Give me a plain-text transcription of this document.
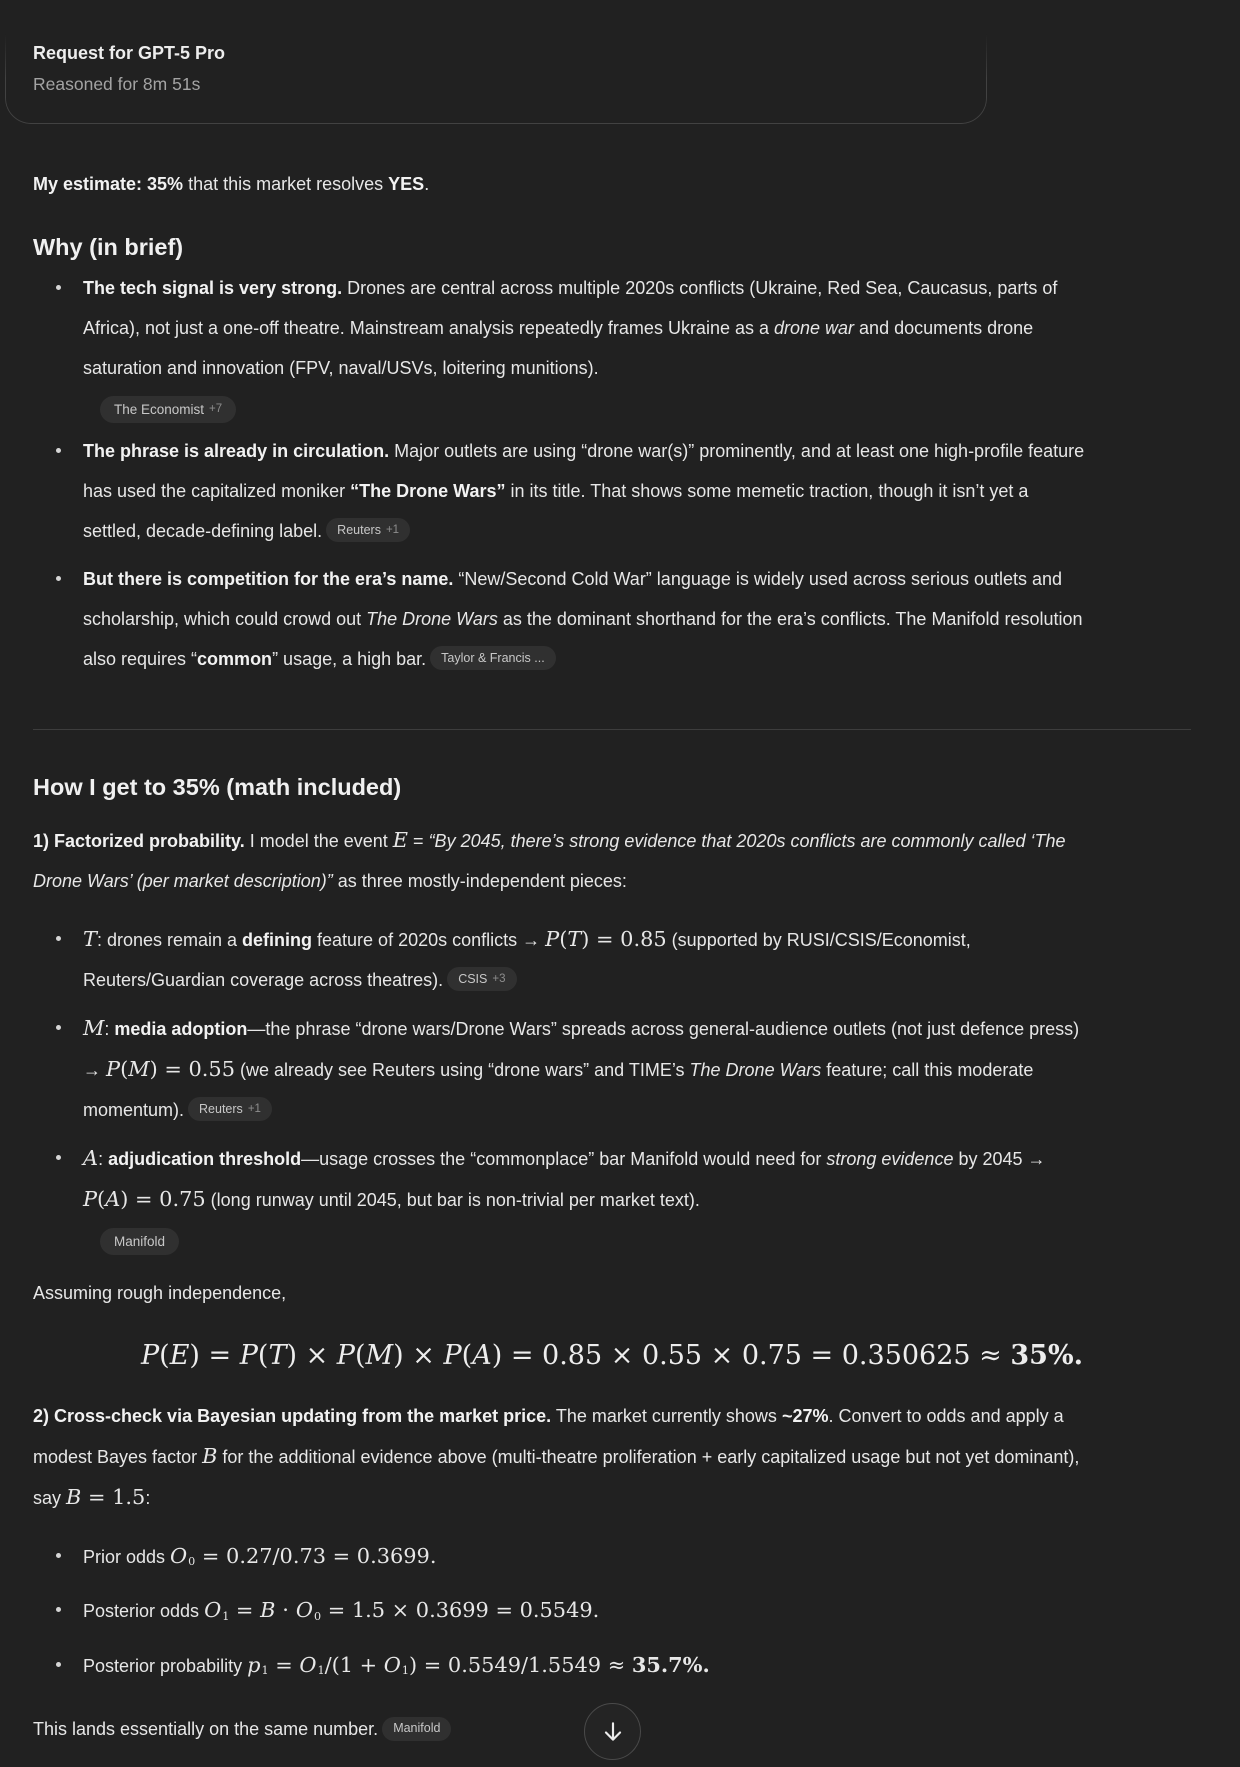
Request for GPT-5 Pro
Reasoned for 8m 51s
My estimate: 35% that this market resolves YES.
Why (in brief)
The tech signal is very strong. Drones are central across multiple 2020s conflicts (Ukraine, Red Sea, Caucasus, parts of Africa), not just a one-off theatre. Mainstream analysis repeatedly frames Ukraine as a drone war and documents drone saturation and innovation (FPV, naval/USVs, loitering munitions).
The Economist +7
The phrase is already in circulation. Major outlets are using “drone war(s)” prominently, and at least one high-profile feature has used the capitalized moniker “The Drone Wars” in its title. That shows some memetic traction, though it isn’t yet a settled, decade-defining label. Reuters +1
But there is competition for the era’s name. “New/Second Cold War” language is widely used across serious outlets and scholarship, which could crowd out The Drone Wars as the dominant shorthand for the era’s conflicts. The Manifold resolution also requires “common” usage, a high bar. Taylor & Francis ...
How I get to 35% (math included)
1) Factorized probability. I model the event E = “By 2045, there’s strong evidence that 2020s conflicts are commonly called ‘The Drone Wars’ (per market description)” as three mostly-independent pieces:
T: drones remain a defining feature of 2020s conflicts → P(T) = 0.85 (supported by RUSI/CSIS/Economist, Reuters/Guardian coverage across theatres). CSIS +3
M: media adoption—the phrase “drone wars/Drone Wars” spreads across general-audience outlets (not just defence press) → P(M) = 0.55 (we already see Reuters using “drone wars” and TIME’s The Drone Wars feature; call this moderate momentum). Reuters +1
A: adjudication threshold—usage crosses the “commonplace” bar Manifold would need for strong evidence by 2045 → P(A) = 0.75 (long runway until 2045, but bar is non-trivial per market text).
Manifold
Assuming rough independence,
P(E) = P(T) × P(M) × P(A) = 0.85 × 0.55 × 0.75 = 0.350625 ≈ 35%.
2) Cross-check via Bayesian updating from the market price. The market currently shows ~27%. Convert to odds and apply a modest Bayes factor B for the additional evidence above (multi-theatre proliferation + early capitalized usage but not yet dominant), say B = 1.5:
Prior odds O0 = 0.27/0.73 = 0.3699.
Posterior odds O1 = B ⋅ O0 = 1.5 × 0.3699 = 0.5549.
Posterior probability p1 = O1/(1 + O1) = 0.5549/1.5549 ≈ 35.7%.
This lands essentially on the same number. Manifold
